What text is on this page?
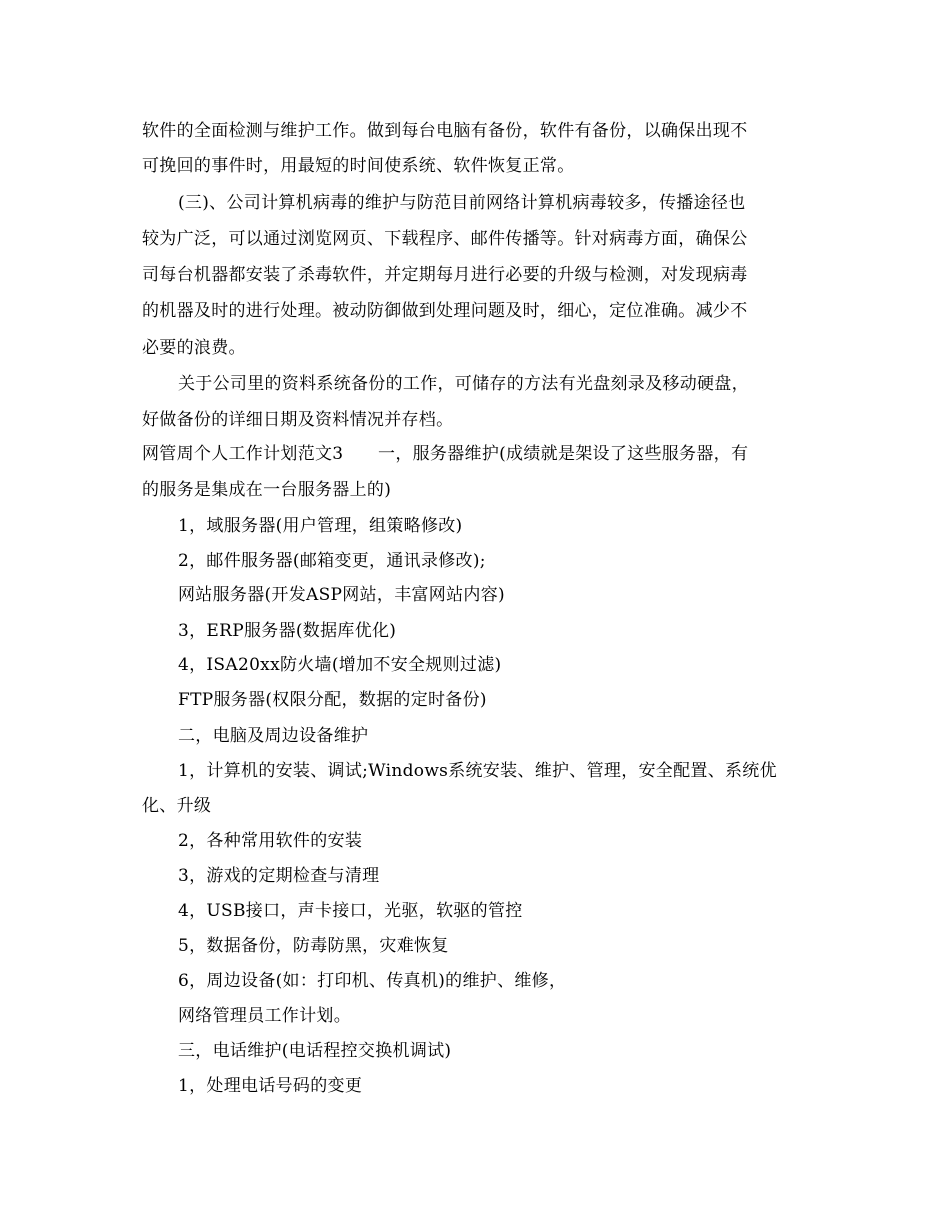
软件的全面检测与维护工作。做到每台电脑有备份，软件有备份，以确保出现不
可挽回的事件时，用最短的时间使系统、软件恢复正常。
(三)、公司计算机病毒的维护与防范目前网络计算机病毒较多，传播途径也
较为广泛，可以通过浏览网页、下载程序、邮件传播等。针对病毒方面，确保公
司每台机器都安装了杀毒软件，并定期每月进行必要的升级与检测，对发现病毒
的机器及时的进行处理。被动防御做到处理问题及时，细心，定位准确。减少不
必要的浪费。
关于公司里的资料系统备份的工作，可储存的方法有光盘刻录及移动硬盘，
好做备份的详细日期及资料情况并存档。
网管周个人工作计划范文3　　一，服务器维护(成绩就是架设了这些服务器，有
的服务是集成在一台服务器上的)
1，域服务器(用户管理，组策略修改)
2，邮件服务器(邮箱变更，通讯录修改);
网站服务器(开发ASP网站，丰富网站内容)
3，ERP服务器(数据库优化)
4，ISA20xx防火墙(增加不安全规则过滤)
FTP服务器(权限分配，数据的定时备份)
二，电脑及周边设备维护
1，计算机的安装、调试;Windows系统安装、维护、管理，安全配置、系统优
化、升级
2，各种常用软件的安装
3，游戏的定期检查与清理
4，USB接口，声卡接口，光驱，软驱的管控
5，数据备份，防毒防黑，灾难恢复
6，周边设备(如：打印机、传真机)的维护、维修，
网络管理员工作计划。
三，电话维护(电话程控交换机调试)
1，处理电话号码的变更
